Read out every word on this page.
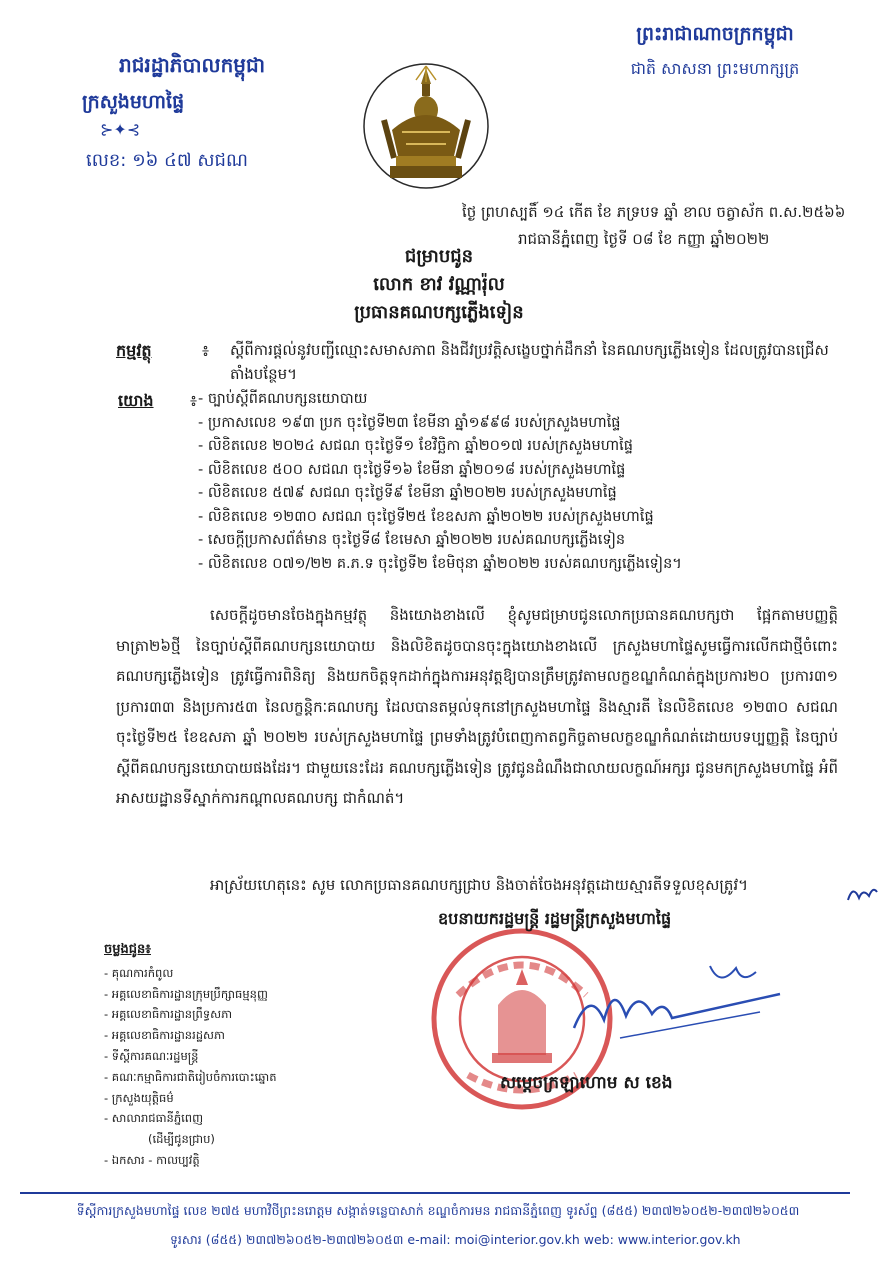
រាជរដ្ឋាភិបាលកម្ពុជា
ក្រសួងមហាផ្ទៃ
⊱✦⊰
លេខ: ១៦ ៤៧ សជណ
ព្រះរាជាណាចក្រកម្ពុជា
ជាតិ សាសនា ព្រះមហាក្សត្រ
ថ្ងៃ ព្រហស្បតិ៍ ១៤ កើត ខែ ភទ្របទ ឆ្នាំ ខាល ចត្វាស័ក ព.ស.២៥៦៦
រាជធានីភ្នំពេញ ថ្ងៃទី ០៨ ខែ កញ្ញា ឆ្នាំ២០២២
ជម្រាបជូន
លោក ខាវ វណ្ណារ៉ុល
ប្រធានគណបក្សភ្លើងទៀន
កម្មវត្ថុ	៖ ស្តីពីការផ្តល់នូវបញ្ជីឈ្មោះសមាសភាព និងជីវប្រវត្តិសង្ខេបថ្នាក់ដឹកនាំ នៃគណបក្សភ្លើងទៀន ដែលត្រូវបានជ្រើសតាំងបន្ថែម។
យោង ៖ - ច្បាប់ស្តីពីគណបក្សនយោបាយ
- ប្រកាសលេខ ១៩៣ ប្រក ចុះថ្ងៃទី២៣ ខែមីនា ឆ្នាំ១៩៩៨ របស់ក្រសួងមហាផ្ទៃ
- លិខិតលេខ ២០២៤ សជណ ចុះថ្ងៃទី១ ខែវិច្ឆិកា ឆ្នាំ២០១៧ របស់ក្រសួងមហាផ្ទៃ
- លិខិតលេខ ៥០០ សជណ ចុះថ្ងៃទី១៦ ខែមីនា ឆ្នាំ២០១៨ របស់ក្រសួងមហាផ្ទៃ
- លិខិតលេខ ៥៧៩ សជណ ចុះថ្ងៃទី៩ ខែមីនា ឆ្នាំ២០២២ របស់ក្រសួងមហាផ្ទៃ
- លិខិតលេខ ១២៣០ សជណ ចុះថ្ងៃទី២៥ ខែឧសភា ឆ្នាំ២០២២ របស់ក្រសួងមហាផ្ទៃ
- សេចក្តីប្រកាសព័ត៌មាន ចុះថ្ងៃទី៨ ខែមេសា ឆ្នាំ២០២២ របស់គណបក្សភ្លើងទៀន
- លិខិតលេខ ០៧១/២២ គ.ភ.ទ ចុះថ្ងៃទី២ ខែមិថុនា ឆ្នាំ២០២២ របស់គណបក្សភ្លើងទៀន។
សេចក្តីដូចមានចែងក្នុងកម្មវត្ថុ និងយោងខាងលើ ខ្ញុំសូមជម្រាបជូនលោកប្រធានគណបក្សថា ផ្អែកតាមបញ្ញត្តិមាត្រា២៦ថ្មី នៃច្បាប់ស្តីពីគណបក្សនយោបាយ និងលិខិតដូចបានចុះក្នុងយោងខាងលើ ក្រសួងមហាផ្ទៃសូមធ្វើការលើកជាថ្មីចំពោះគណបក្សភ្លើងទៀន ត្រូវធ្វើការពិនិត្យ និងយកចិត្តទុកដាក់ក្នុងការអនុវត្តឱ្យបានត្រឹមត្រូវតាមលក្ខខណ្ឌកំណត់ក្នុងប្រការ២០ ប្រការ៣១ ប្រការ៣៣ និងប្រការ៥៣ នៃលក្ខន្តិកៈគណបក្ស ដែលបានតម្កល់ទុកនៅក្រសួងមហាផ្ទៃ និងស្មារតី នៃលិខិតលេខ ១២៣០ សជណ ចុះថ្ងៃទី២៥ ខែឧសភា ឆ្នាំ ២០២២ របស់ក្រសួងមហាផ្ទៃ ព្រមទាំងត្រូវបំពេញកាតព្វកិច្ចតាមលក្ខខណ្ឌកំណត់ដោយបទប្បញ្ញត្តិ នៃច្បាប់ស្តីពីគណបក្សនយោបាយផងដែរ។ ជាមួយនេះដែរ គណបក្សភ្លើងទៀន ត្រូវជូនដំណឹងជាលាយលក្ខណ៍អក្សរ ជូនមកក្រសួងមហាផ្ទៃ អំពីអាសយដ្ឋានទីស្នាក់ការកណ្តាលគណបក្ស ជាកំណត់។
អាស្រ័យហេតុនេះ សូម លោកប្រធានគណបក្សជ្រាប និងចាត់ចែងអនុវត្តដោយស្មារតីទទួលខុសត្រូវ។
ឧបនាយករដ្ឋមន្ត្រី រដ្ឋមន្ត្រីក្រសួងមហាផ្ទៃ
សម្តេចក្រឡាហោម ស ខេង
ចម្លងជូន៖
- គុណការកំពូល
- អគ្គលេខាធិការដ្ឋានក្រុមប្រឹក្សាធម្មនុញ្ញ
- អគ្គលេខាធិការដ្ឋានព្រឹទ្ធសភា
- អគ្គលេខាធិការដ្ឋានរដ្ឋសភា
- ទីស្តីការគណៈរដ្ឋមន្ត្រី
- គណៈកម្មាធិការជាតិរៀបចំការបោះឆ្នោត
- ក្រសួងយុត្តិធម៌
- សាលារាជធានីភ្នំពេញ
(ដើម្បីជូនជ្រាប)
- ឯកសារ - កាលប្បវត្តិ
ទីស្តីការក្រសួងមហាផ្ទៃ លេខ ២៧៥ មហាវិថីព្រះនរោត្តម សង្កាត់ទន្លេបាសាក់ ខណ្ឌចំការមន រាជធានីភ្នំពេញ ទូរស័ព្ទ (៨៥៥) ២៣៧២៦០៥២-២៣៧២៦០៥៣
ទូរសារ (៨៥៥) ២៣៧២៦០៥២-២៣៧២៦០៥៣ e-mail: moi@interior.gov.kh web: www.interior.gov.kh
